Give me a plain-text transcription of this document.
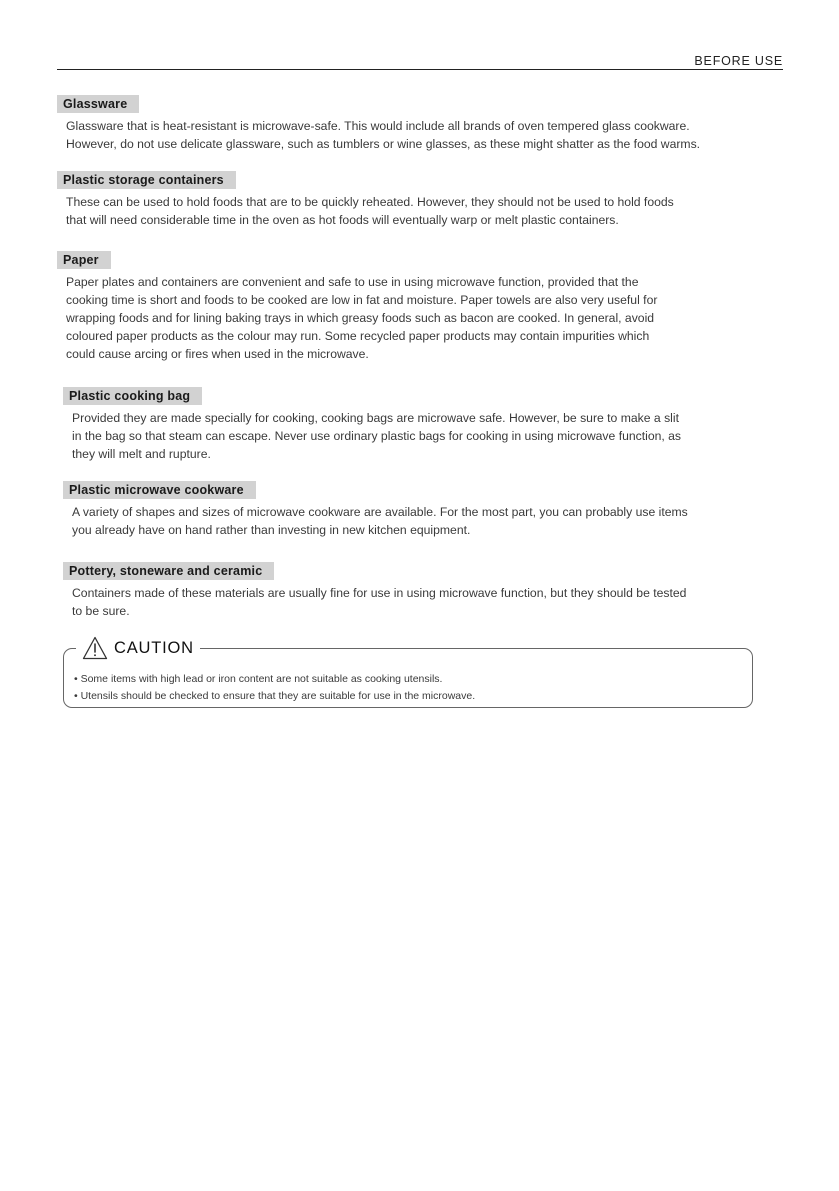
BEFORE USE
Glassware
Glassware that is heat-resistant is microwave-safe. This would include all brands of oven tempered glass cookware.
However, do not use delicate glassware, such as tumblers or wine glasses, as these might shatter as the food warms.
Plastic storage containers
These can be used to hold foods that are to be quickly reheated. However, they should not be used to hold foods
that will need considerable time in the oven as hot foods will eventually warp or melt plastic containers.
Paper
Paper plates and containers are convenient and safe to use in using microwave function, provided that the
cooking time is short and foods to be cooked are low in fat and moisture. Paper towels are also very useful for
wrapping foods and for lining baking trays in which greasy foods such as bacon are cooked. In general, avoid
coloured paper products as the colour may run. Some recycled paper products may contain impurities which
could cause arcing or fires when used in the microwave.
Plastic cooking bag
Provided they are made specially for cooking, cooking bags are microwave safe. However, be sure to make a slit
in the bag so that steam can escape. Never use ordinary plastic bags for cooking in using microwave function, as
they will melt and rupture.
Plastic microwave cookware
A variety of shapes and sizes of microwave cookware are available. For the most part, you can probably use items
you already have on hand rather than investing in new kitchen equipment.
Pottery, stoneware and ceramic
Containers made of these materials are usually fine for use in using microwave function, but they should be tested
to be sure.
CAUTION
• Some items with high lead or iron content are not suitable as cooking utensils.
• Utensils should be checked to ensure that they are suitable for use in the microwave.
